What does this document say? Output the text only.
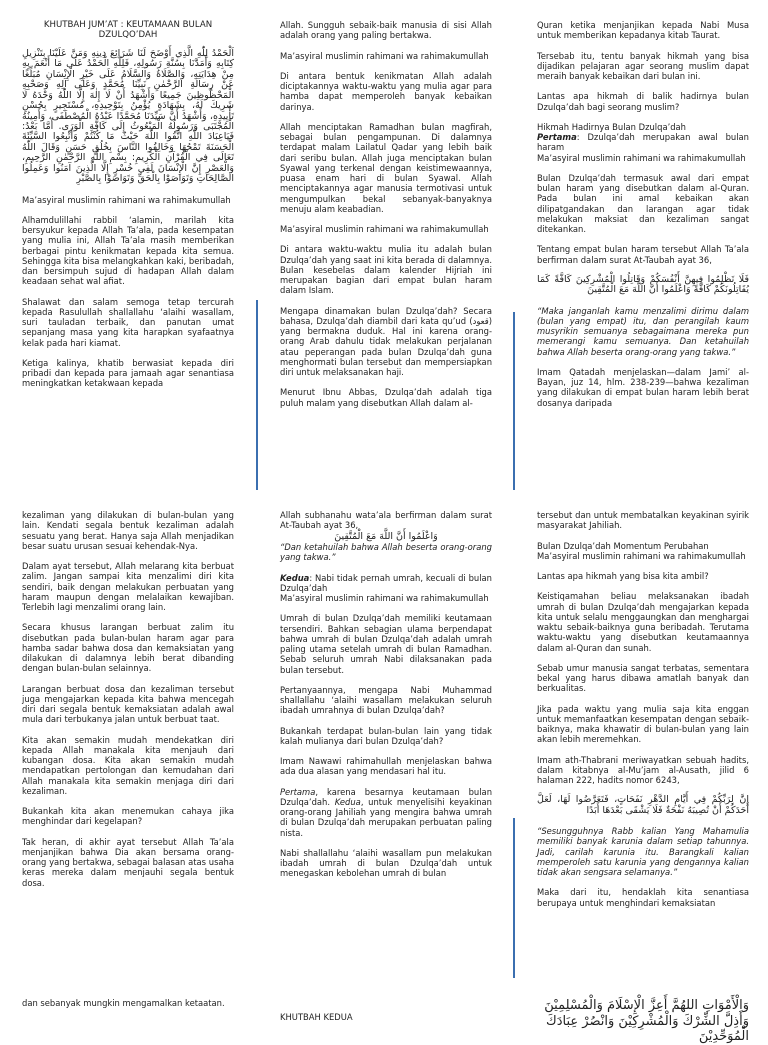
KHUTBAH JUM’AT : KEUTAMAAN BULAN DZULQO’DAH

اَلْحَمْدُ لِلّٰهِ الَّذِي أَوْضَحَ لَنَا شَرَائِعَ دِينِهِ وَمَنَّ عَلَيْنَا بِتَنْزِيلِ كِتَابِهِ وَأَمَدَّنَا بِسُنَّةِ رَسُولِهِ، فَلِلّٰهِ الْحَمْدُ عَلَى مَا أَنْعَمَ بِهِ مِنْ هِدَايَتِهِ، وَالصَّلَاةُ وَالسَّلَامُ عَلَى خَيْرِ الْإِنْسَانِ مُبَلِّغًا عَنْ رِسَالَةِ الرَّحْمٰنِ نَبِيِّنَا مُحَمَّدٍ وَعَلَى آلِهِ وَصَحْبِهِ الْمَحْظُوظِينَ جَمِيعًا وَأَشْهَدُ أَنْ لَا إِلٰهَ إِلَّا اللّٰهُ وَحْدَهُ لَا شَرِيكَ لَهُ، بِشَهَادَةٍ يُؤْمِنُ بِتَوْحِيدِهِ، مُسْتَجِيرٍ بِحُسْنِ تَأْيِيدِهِ، وَأَشْهَدُ أَنَّ سَيِّدَنَا مُحَمَّدًا عَبْدُهُ الْمُصْطَفَى، وَأَمِينُهُ الْمُجْتَبَى وَرَسُولُهُ الْمَبْعُوثُ إِلَى كَافَّةِ الْوَرَى. أَمَّا بَعْدُ: فَيَاعِبَادَ اللّٰهِ اتَّقُوا اللّٰهَ حَيْثُ مَا كُنْتُمْ وَأَتْبِعُوا السَّيِّئَةَ الْحَسَنَةَ تَمْحُهَا وَخَالِقُوا النَّاسَ بِخُلُقٍ حَسَنٍ وَقَالَ اللّٰهُ تَعَالَى فِي الْقُرْآنِ الْكَرِيمِ: بِسْمِ اللّٰهِ الرَّحْمٰنِ الرَّحِيمِ، وَالْعَصْرِ إِنَّ الْإِنْسَانَ لَفِي خُسْرٍ إِلَّا الَّذِينَ آمَنُوا وَعَمِلُوا الصَّالِحَاتِ وَتَوَاصَوْا بِالْحَقِّ وَتَوَاصَوْا بِالصَّبْرِ

Ma’asyiral muslimin rahimani wa rahimakumullah

Alhamdulillahi rabbil ‘alamin, marilah kita bersyukur kepada Allah Ta’ala, pada kesempatan yang mulia ini, Allah Ta’ala masih memberikan berbagai pintu kenikmatan kepada kita semua. Sehingga kita bisa melangkahkan kaki, beribadah, dan bersimpuh sujud di hadapan Allah dalam keadaan sehat wal afiat.

Shalawat dan salam semoga tetap tercurah kepada Rasulullah shallallahu ‘alaihi wasallam, suri tauladan terbaik, dan panutan umat sepanjang masa yang kita harapkan syafaatnya kelak pada hari kiamat.

Ketiga kalinya, khatib berwasiat kepada diri pribadi dan kepada para jamaah agar senantiasa meningkatkan ketakwaan kepada

Allah. Sungguh sebaik-baik manusia di sisi Allah adalah orang yang paling bertakwa.

Ma’asyiral muslimin rahimani wa rahimakumullah

Di antara bentuk kenikmatan Allah adalah diciptakannya waktu-waktu yang mulia agar para hamba dapat memperoleh banyak kebaikan darinya.

Allah menciptakan Ramadhan bulan magfirah, sebagai bulan pengampunan. Di dalamnya terdapat malam Lailatul Qadar yang lebih baik dari seribu bulan. Allah juga menciptakan bulan Syawal yang terkenal dengan keistimewaannya, puasa enam hari di bulan Syawal. Allah menciptakannya agar manusia termotivasi untuk mengumpulkan bekal sebanyak-banyaknya menuju alam keabadian.

Ma’asyiral muslimin rahimani wa rahimakumullah

Di antara waktu-waktu mulia itu adalah bulan Dzulqa’dah yang saat ini kita berada di dalamnya. Bulan kesebelas dalam kalender Hijriah ini merupakan bagian dari empat bulan haram dalam Islam.

Mengapa dinamakan bulan Dzulqa’dah? Secara bahasa, Dzulqa’dah diambil dari kata qu’ud (قعود) yang bermakna duduk. Hal ini karena orang-orang Arab dahulu tidak melakukan perjalanan atau peperangan pada bulan Dzulqa’dah guna menghormati bulan tersebut dan mempersiapkan diri untuk melaksanakan haji.

Menurut Ibnu Abbas, Dzulqa’dah adalah tiga puluh malam yang disebutkan Allah dalam al-

Quran ketika menjanjikan kepada Nabi Musa untuk memberikan kepadanya kitab Taurat.

Tersebab itu, tentu banyak hikmah yang bisa dijadikan pelajaran agar seorang muslim dapat meraih banyak kebaikan dari bulan ini.

Lantas apa hikmah di balik hadirnya bulan Dzulqa’dah bagi seorang muslim?

Hikmah Hadirnya Bulan Dzulqa’dah

Pertama: Dzulqa’dah merupakan awal bulan haram

Ma’asyiral muslimin rahimani wa rahimakumullah

Bulan Dzulqa’dah termasuk awal dari empat bulan haram yang disebutkan dalam al-Quran. Pada bulan ini amal kebaikan akan dilipatgandakan dan larangan agar tidak melakukan maksiat dan kezaliman sangat ditekankan.

Tentang empat bulan haram tersebut Allah Ta’ala berfirman dalam surat At-Taubah ayat 36,

فَلَا تَظْلِمُوا فِيهِنَّ أَنْفُسَكُمْ وَقَاتِلُوا الْمُشْرِكِينَ كَافَّةً كَمَا يُقَاتِلُونَكُمْ كَافَّةً وَاعْلَمُوا أَنَّ اللَّهَ مَعَ الْمُتَّقِينَ

“Maka janganlah kamu menzalimi dirimu dalam (bulan yang empat) itu, dan perangilah kaum musyrikin semuanya sebagaimana mereka pun memerangi kamu semuanya. Dan ketahuilah bahwa Allah beserta orang-orang yang takwa.”

Imam Qatadah menjelaskan—dalam Jami’ al-Bayan, juz 14, hlm. 238-239—bahwa kezaliman yang dilakukan di empat bulan haram lebih berat dosanya daripada

kezaliman yang dilakukan di bulan-bulan yang lain. Kendati segala bentuk kezaliman adalah sesuatu yang berat. Hanya saja Allah menjadikan besar suatu urusan sesuai kehendak-Nya.

Dalam ayat tersebut, Allah melarang kita berbuat zalim. Jangan sampai kita menzalimi diri kita sendiri, baik dengan melakukan perbuatan yang haram maupun dengan melalaikan kewajiban. Terlebih lagi menzalimi orang lain.

Secara khusus larangan berbuat zalim itu disebutkan pada bulan-bulan haram agar para hamba sadar bahwa dosa dan kemaksiatan yang dilakukan di dalamnya lebih berat dibanding dengan bulan-bulan selainnya.

Larangan berbuat dosa dan kezaliman tersebut juga mengajarkan kepada kita bahwa mencegah diri dari segala bentuk kemaksiatan adalah awal mula dari terbukanya jalan untuk berbuat taat.

Kita akan semakin mudah mendekatkan diri kepada Allah manakala kita menjauh dari kubangan dosa. Kita akan semakin mudah mendapatkan pertolongan dan kemudahan dari Allah manakala kita semakin menjaga diri dari kezaliman.

Bukankah kita akan menemukan cahaya jika menghindar dari kegelapan?

Tak heran, di akhir ayat tersebut Allah Ta’ala menjanjikan bahwa Dia akan bersama orang-orang yang bertakwa, sebagai balasan atas usaha keras mereka dalam menjauhi segala bentuk dosa.

Allah subhanahu wata’ala berfirman dalam surat At-Taubah ayat 36,

وَاعْلَمُوا أَنَّ اللَّهَ مَعَ الْمُتَّقِينَ

“Dan ketahuilah bahwa Allah beserta orang-orang yang takwa.”

Kedua: Nabi tidak pernah umrah, kecuali di bulan Dzulqa’dah

Ma’asyiral muslimin rahimani wa rahimakumullah

Umrah di bulan Dzulqa’dah memiliki keutamaan tersendiri. Bahkan sebagian ulama berpendapat bahwa umrah di bulan Dzulqa’dah adalah umrah paling utama setelah umrah di bulan Ramadhan. Sebab seluruh umrah Nabi dilaksanakan pada bulan tersebut.

Pertanyaannya, mengapa Nabi Muhammad shallallahu ‘alaihi wasallam melakukan seluruh ibadah umrahnya di bulan Dzulqa’dah?

Bukankah terdapat bulan-bulan lain yang tidak kalah mulianya dari bulan Dzulqa’dah?

Imam Nawawi rahimahullah menjelaskan bahwa ada dua alasan yang mendasari hal itu.

Pertama, karena besarnya keutamaan bulan Dzulqa’dah. Kedua, untuk menyelisihi keyakinan orang-orang Jahiliah yang mengira bahwa umrah di bulan Dzulqa’dah merupakan perbuatan paling nista.

Nabi shallallahu ‘alaihi wasallam pun melakukan ibadah umrah di bulan Dzulqa’dah untuk menegaskan kebolehan umrah di bulan

tersebut dan untuk membatalkan keyakinan syirik masyarakat Jahiliah.

Bulan Dzulqa’dah Momentum Perubahan

Ma’asyiral muslimin rahimani wa rahimakumullah

Lantas apa hikmah yang bisa kita ambil?

Keistiqamahan beliau melaksanakan ibadah umrah di bulan Dzulqa’dah mengajarkan kepada kita untuk selalu menggaungkan dan menghargai waktu sebaik-baiknya guna beribadah. Terutama waktu-waktu yang disebutkan keutamaannya dalam al-Quran dan sunah.

Sebab umur manusia sangat terbatas, sementara bekal yang harus dibawa amatlah banyak dan berkualitas.

Jika pada waktu yang mulia saja kita enggan untuk memanfaatkan kesempatan dengan sebaik-baiknya, maka khawatir di bulan-bulan yang lain akan lebih meremehkan.

Imam ath-Thabrani meriwayatkan sebuah hadits, dalam kitabnya al-Mu’jam al-Ausath, jilid 6 halaman 222, hadits nomor 6243,

إِنَّ لِرَبِّكُمْ فِي أَيَّامِ الدَّهْرِ نَفَحَاتٍ، فَتَعَرَّضُوا لَهَا، لَعَلَّ أَحَدَكُمْ أَنْ تُصِيبَهُ نَفْحَةٌ فَلَا يَشْقَى بَعْدَهَا أَبَدًا

“Sesungguhnya Rabb kalian Yang Mahamulia memiliki banyak karunia dalam setiap tahunnya. Jadi, carilah karunia itu. Barangkali kalian memperoleh satu karunia yang dengannya kalian tidak akan sengsara selamanya.”

Maka dari itu, hendaklah kita senantiasa berupaya untuk menghindari kemaksiatan

dan sebanyak mungkin mengamalkan ketaatan.

KHUTBAH KEDUA

وَالْأَمْوَاتِ اللهُمَّ أَعِزَّ الْإِسْلَامَ وَالْمُسْلِمِيْنَ وَأَذِلَّ الشِّرْكَ وَالْمُشْرِكِيْنَ وَانْصُرْ عِبَادَكَ الْمُوَحِّدِيْنَ
